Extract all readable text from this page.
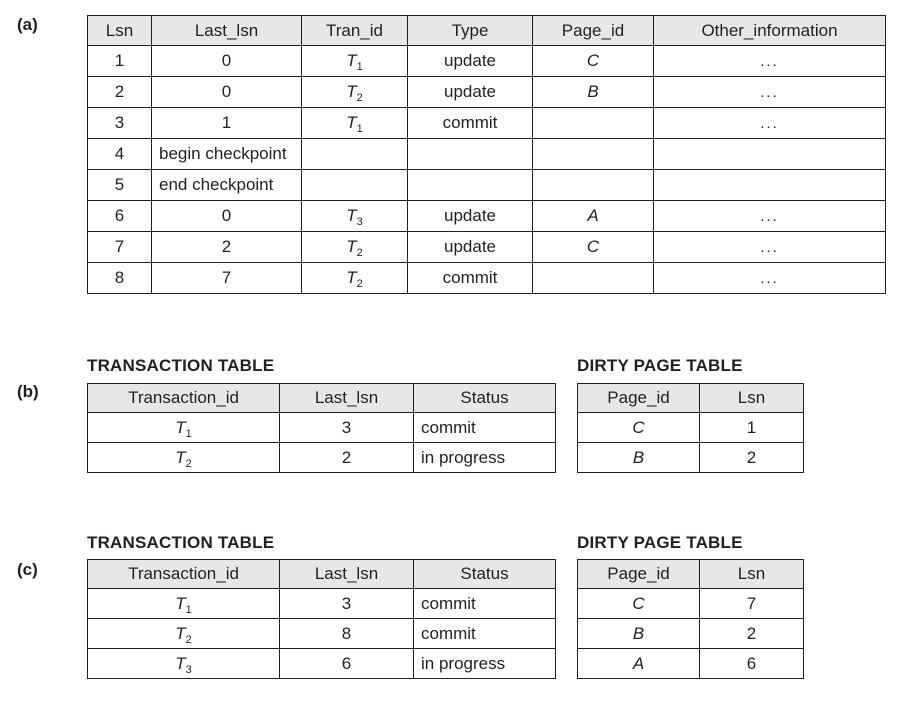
(a)	Lsn	Last_lsn	Tran_id	Type	Page_id	Other_information
1	0	$T_1$	update	C	...
2	0	$T_2$	update	B	...
3	1	$T_1$	commit		...
4	begin checkpoint				
5	end checkpoint				
6	0	$T_3$	update	A	...
7	2	$T_2$	update	C	...
8	7	$T_2$	commit		...
(b)
TRANSACTION TABLE	DIRTY PAGE TABLE
Transaction_id	Last_lsn	Status
$T_1$	3	commit
$T_2$	2	in progress
Page_id	Lsn
C	1
B	2
(c)
TRANSACTION TABLE	DIRTY PAGE TABLE
Transaction_id	Last_lsn	Status
$T_1$	3	commit
$T_2$	8	commit
$T_3$	6	in progress
Page_id	Lsn
C	7
B	2
A	6
